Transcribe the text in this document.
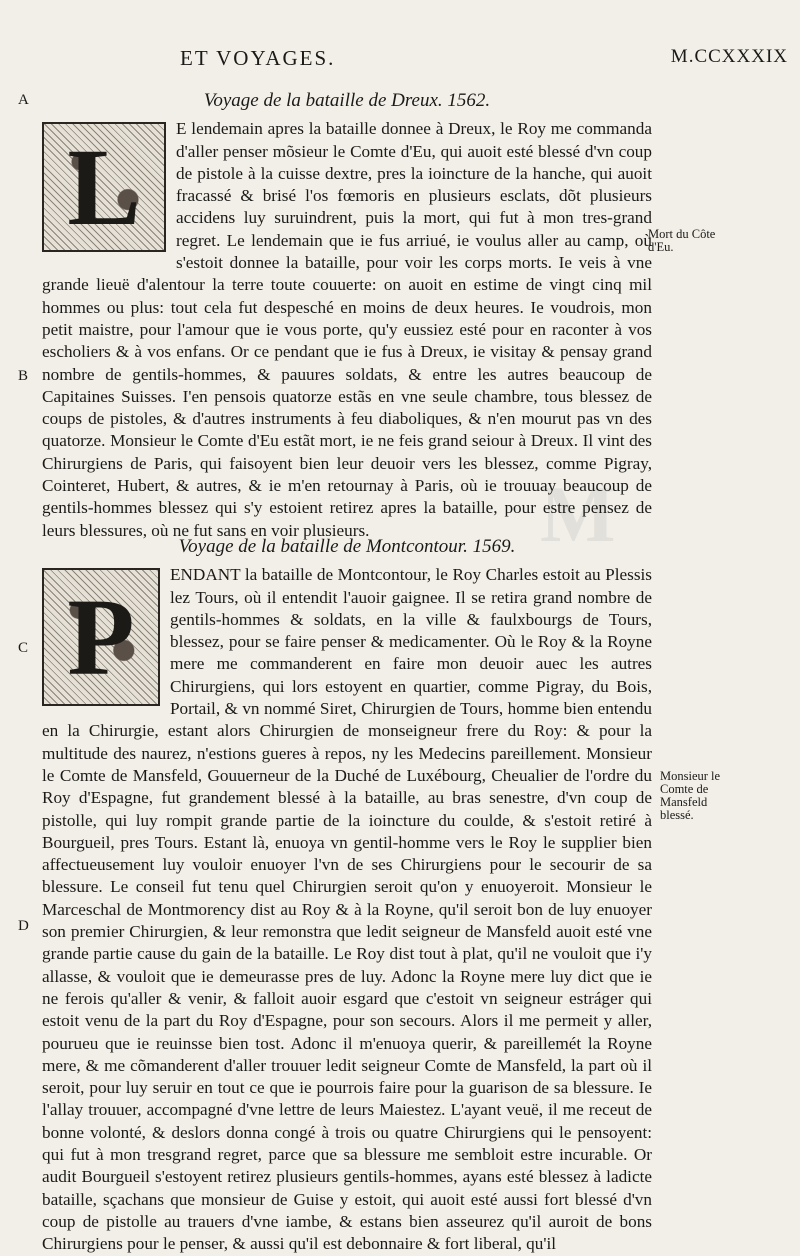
M
ET VOYAGES.	M.CCXXXIX
A
B
C
D
Mort du Côte d'Eu.
Monsieur le Comte de Mansfeld blessé.
Voyage de la bataille de Dreux. 1562.
L	E lendemain apres la bataille donnee à Dreux, le Roy me commanda d'aller penser mõsieur le Comte d'Eu, qui auoit esté blessé d'vn coup de pistole à la cuisse dextre, pres la ioincture de la hanche, qui auoit fracassé & brisé l'os fœmoris en plusieurs esclats, dõt plusieurs accidens luy suruindrent, puis la mort, qui fut à mon tres-grand regret. Le lendemain que ie fus arriué, ie voulus aller au camp, où s'estoit donnee la bataille, pour voir les corps morts. Ie veis à vne grande lieuë d'alentour la terre toute couuerte: on auoit en estime de vingt cinq mil hommes ou plus: tout cela fut despesché en moins de deux heures. Ie voudrois, mon petit maistre, pour l'amour que ie vous porte, qu'y eussiez esté pour en raconter à vos escholiers & à vos enfans. Or ce pendant que ie fus à Dreux, ie visitay & pensay grand nombre de gentils-hommes, & pauures soldats, & entre les autres beaucoup de Capitaines Suisses. I'en pensois quatorze estãs en vne seule chambre, tous blessez de coups de pistoles, & d'autres instruments à feu diaboliques, & n'en mourut pas vn des quatorze. Monsieur le Comte d'Eu estãt mort, ie ne feis grand seiour à Dreux. Il vint des Chirurgiens de Paris, qui faisoyent bien leur deuoir vers les blessez, comme Pigray, Cointeret, Hubert, & autres, & ie m'en retournay à Paris, où ie trouuay beaucoup de gentils-hommes blessez qui s'y estoient retirez apres la bataille, pour estre pensez de leurs blessures, où ne fut sans en voir plusieurs.

Voyage de la bataille de Montcontour. 1569.
P

ENDANT la bataille de Montcontour, le Roy Charles estoit au Plessis lez Tours, où il entendit l'auoir gaignee. Il se retira grand nombre de gentils-hommes & soldats, en la ville & faulxbourgs de Tours, blessez, pour se faire penser & medicamenter. Où le Roy & la Royne mere me commanderent en faire mon deuoir auec les autres Chirurgiens, qui lors estoyent en quartier, comme Pigray, du Bois, Portail, & vn nommé Siret, Chirurgien de Tours, homme bien entendu en la Chirurgie, estant alors Chirurgien de monseigneur frere du Roy: & pour la multitude des naurez, n'estions gueres à repos, ny les Medecins pareillement. Monsieur le Comte de Mansfeld, Gouuerneur de la Duché de Luxébourg, Cheualier de l'ordre du Roy d'Espagne, fut grandement blessé à la bataille, au bras senestre, d'vn coup de pistolle, qui luy rompit grande partie de la ioincture du coulde, & s'estoit retiré à Bourgueil, pres Tours. Estant là, enuoya vn gentil-homme vers le Roy le supplier bien affectueusement luy vouloir enuoyer l'vn de ses Chirurgiens pour le secourir de sa blessure. Le conseil fut tenu quel Chirurgien seroit qu'on y enuoyeroit. Monsieur le Marceschal de Montmorency dist au Roy & à la Royne, qu'il seroit bon de luy enuoyer son premier Chirurgien, & leur remonstra que ledit seigneur de Mansfeld auoit esté vne grande partie cause du gain de la bataille. Le Roy dist tout à plat, qu'il ne vouloit que i'y allasse, & vouloit que ie demeurasse pres de luy. Adonc la Royne mere luy dict que ie ne ferois qu'aller & venir, & falloit auoir esgard que c'estoit vn seigneur estráger qui estoit venu de la part du Roy d'Espagne, pour son secours. Alors il me permeit y aller, pourueu que ie reuinsse bien tost. Adonc il m'enuoya querir, & pareillemét la Royne mere, & me cõmanderent d'aller trouuer ledit seigneur Comte de Mansfeld, la part où il seroit, pour luy seruir en tout ce que ie pourrois faire pour la guarison de sa blessure. Ie l'allay trouuer, accompagné d'vne lettre de leurs Maiestez. L'ayant veuë, il me receut de bonne volonté, & deslors donna congé à trois ou quatre Chirurgiens qui le pensoyent: qui fut à mon tresgrand regret, parce que sa blessure me sembloit estre incurable. Or audit Bourgueil s'estoyent retirez plusieurs gentils-hommes, ayans esté blessez à ladicte bataille, sçachans que monsieur de Guise y estoit, qui auoit esté aussi fort blessé d'vn coup de pistolle au trauers d'vne iambe, & estans bien asseurez qu'il auroit de bons Chirurgiens pour le penser, & aussi qu'il est debonnaire & fort liberal, qu'il
